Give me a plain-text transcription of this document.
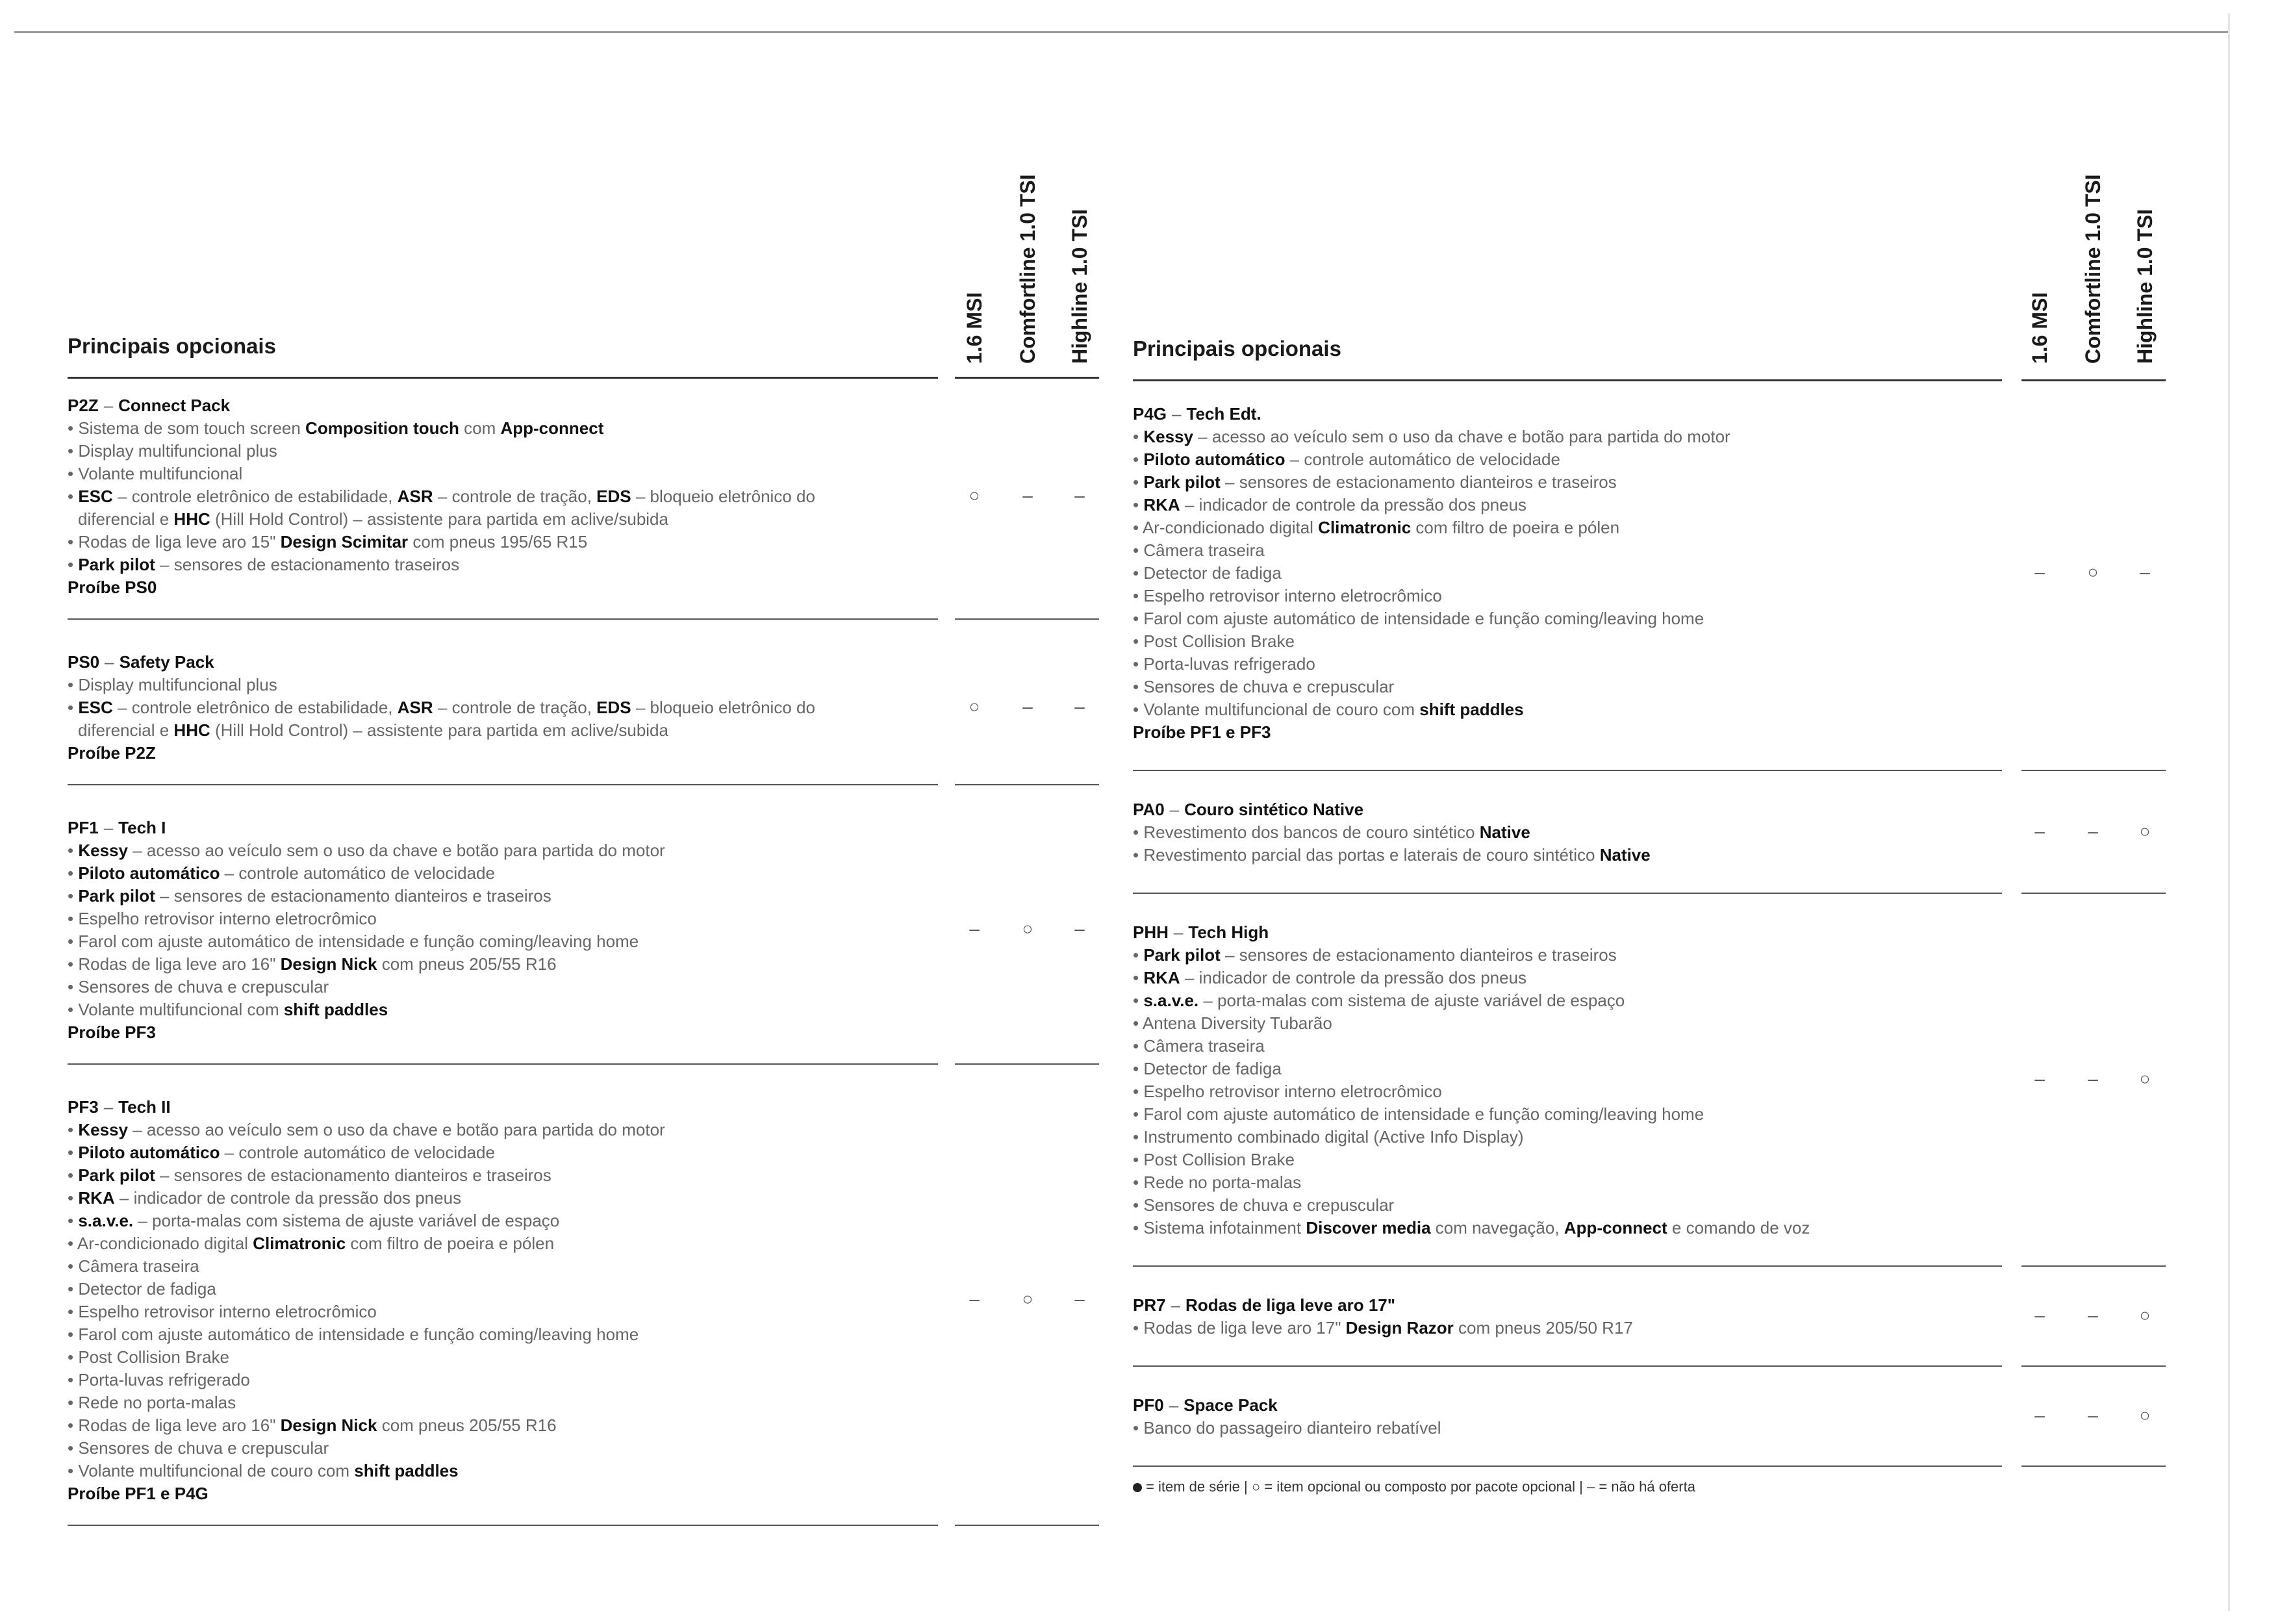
Principais opcionais	1.6 MSI Comfortline 1.0 TSI Highline 1.0 TSI
P2Z – Connect Pack
• Sistema de som touch screen Composition touch com App-connect
• Display multifuncional plus
• Volante multifuncional
• ESC – controle eletrônico de estabilidade, ASR – controle de tração, EDS – bloqueio eletrônico do
diferencial e HHC (Hill Hold Control) – assistente para partida em aclive/subida
• Rodas de liga leve aro 15" Design Scimitar com pneus 195/65 R15
• Park pilot – sensores de estacionamento traseiros
Proíbe PS0
○	–	–
PS0 – Safety Pack
• Display multifuncional plus
• ESC – controle eletrônico de estabilidade, ASR – controle de tração, EDS – bloqueio eletrônico do
diferencial e HHC (Hill Hold Control) – assistente para partida em aclive/subida
Proíbe P2Z
○	–	–
PF1 – Tech I
• Kessy – acesso ao veículo sem o uso da chave e botão para partida do motor
• Piloto automático – controle automático de velocidade
• Park pilot – sensores de estacionamento dianteiros e traseiros
• Espelho retrovisor interno eletrocrômico
• Farol com ajuste automático de intensidade e função coming/leaving home
• Rodas de liga leve aro 16" Design Nick com pneus 205/55 R16
• Sensores de chuva e crepuscular
• Volante multifuncional com shift paddles
Proíbe PF3
–	○	–
PF3 – Tech II
• Kessy – acesso ao veículo sem o uso da chave e botão para partida do motor
• Piloto automático – controle automático de velocidade
• Park pilot – sensores de estacionamento dianteiros e traseiros
• RKA – indicador de controle da pressão dos pneus
• s.a.v.e. – porta-malas com sistema de ajuste variável de espaço
• Ar-condicionado digital Climatronic com filtro de poeira e pólen
• Câmera traseira
• Detector de fadiga
• Espelho retrovisor interno eletrocrômico
• Farol com ajuste automático de intensidade e função coming/leaving home
• Post Collision Brake
• Porta-luvas refrigerado
• Rede no porta-malas
• Rodas de liga leve aro 16" Design Nick com pneus 205/55 R16
• Sensores de chuva e crepuscular
• Volante multifuncional de couro com shift paddles
Proíbe PF1 e P4G
–	○	–
Principais opcionais	1.6 MSI Comfortline 1.0 TSI Highline 1.0 TSI
P4G – Tech Edt.
• Kessy – acesso ao veículo sem o uso da chave e botão para partida do motor
• Piloto automático – controle automático de velocidade
• Park pilot – sensores de estacionamento dianteiros e traseiros
• RKA – indicador de controle da pressão dos pneus
• Ar-condicionado digital Climatronic com filtro de poeira e pólen
• Câmera traseira
• Detector de fadiga
• Espelho retrovisor interno eletrocrômico
• Farol com ajuste automático de intensidade e função coming/leaving home
• Post Collision Brake
• Porta-luvas refrigerado
• Sensores de chuva e crepuscular
• Volante multifuncional de couro com shift paddles
Proíbe PF1 e PF3
–	○	–
PA0 – Couro sintético Native
• Revestimento dos bancos de couro sintético Native
• Revestimento parcial das portas e laterais de couro sintético Native
–	–	○
PHH – Tech High
• Park pilot – sensores de estacionamento dianteiros e traseiros
• RKA – indicador de controle da pressão dos pneus
• s.a.v.e. – porta-malas com sistema de ajuste variável de espaço
• Antena Diversity Tubarão
• Câmera traseira
• Detector de fadiga
• Espelho retrovisor interno eletrocrômico
• Farol com ajuste automático de intensidade e função coming/leaving home
• Instrumento combinado digital (Active Info Display)
• Post Collision Brake
• Rede no porta-malas
• Sensores de chuva e crepuscular
• Sistema infotainment Discover media com navegação, App-connect e comando de voz
–	–	○
PR7 – Rodas de liga leve aro 17"
• Rodas de liga leve aro 17" Design Razor com pneus 205/50 R17
–	–	○
PF0 – Space Pack
• Banco do passageiro dianteiro rebatível
–	–	○
= item de série | ○ = item opcional ou composto por pacote opcional | – = não há oferta
